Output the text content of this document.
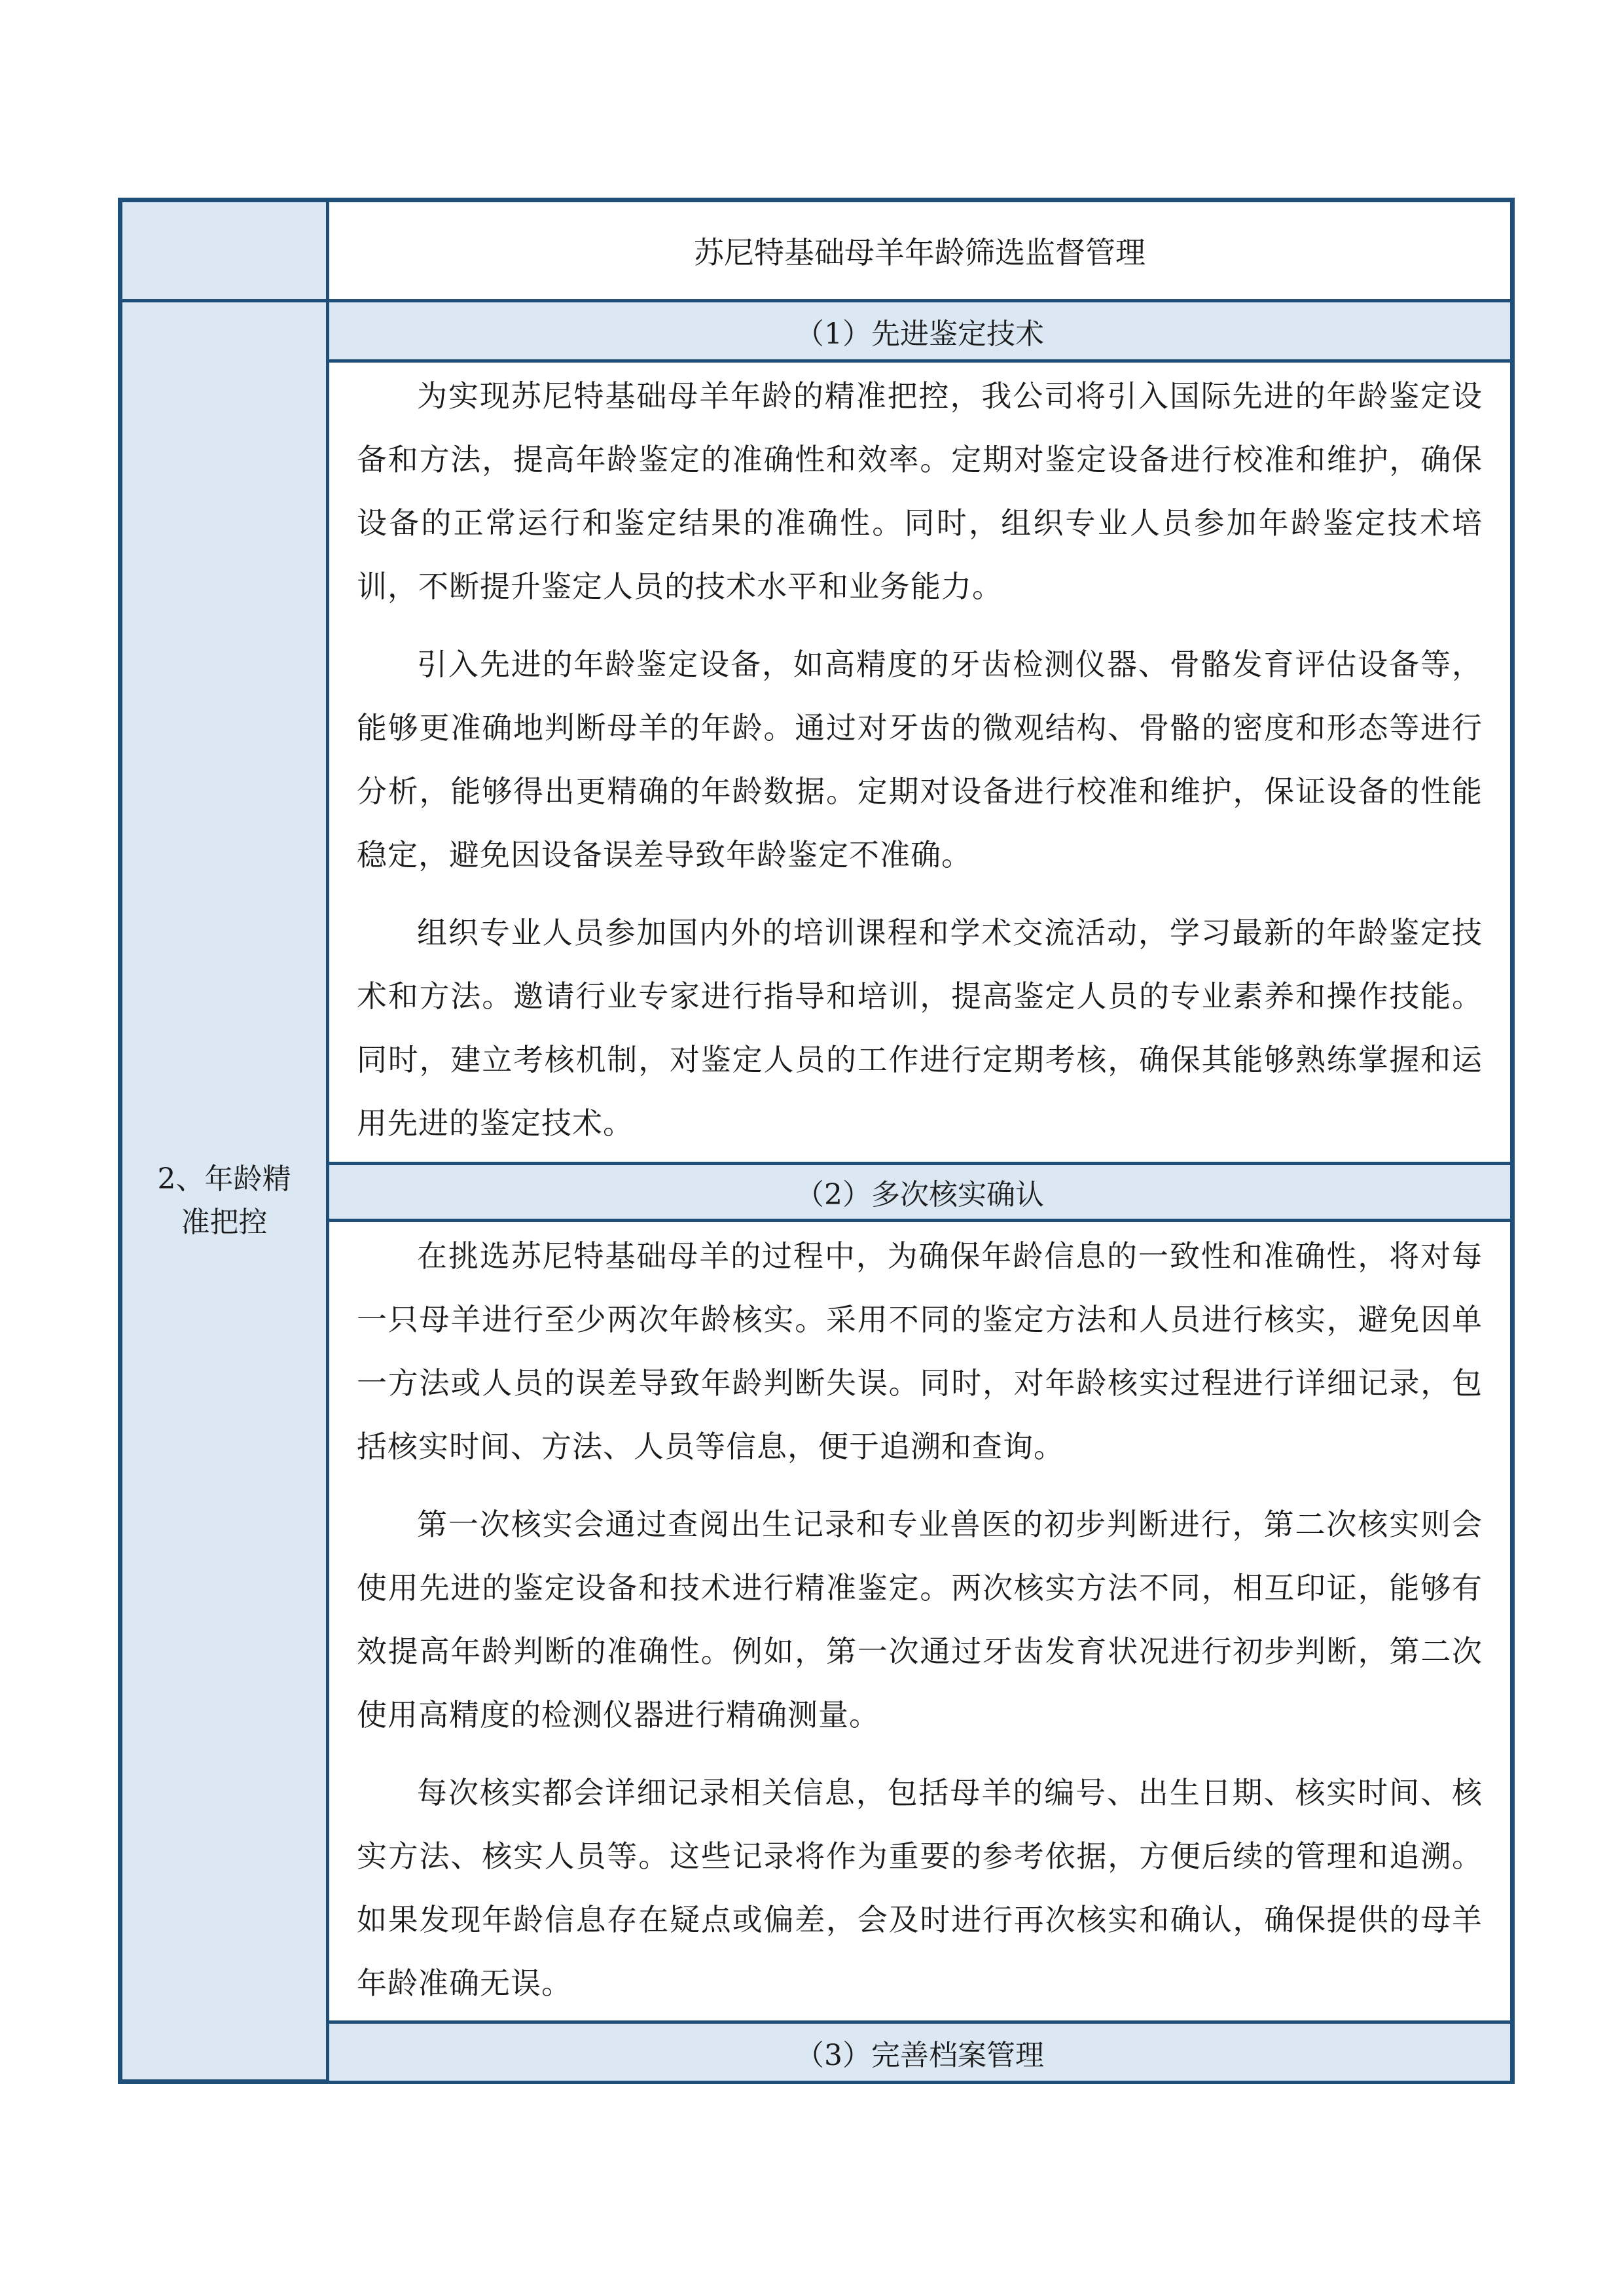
2、年龄精
准把控
苏尼特基础母羊年龄筛选监督管理
（1）先进鉴定技术

为实现苏尼特基础母羊年龄的精准把控，我公司将引入国际先进的年龄鉴定设备和方法，提高年龄鉴定的准确性和效率。定期对鉴定设备进行校准和维护，确保设备的正常运行和鉴定结果的准确性。同时，组织专业人员参加年龄鉴定技术培训，不断提升鉴定人员的技术水平和业务能力。

引入先进的年龄鉴定设备，如高精度的牙齿检测仪器、骨骼发育评估设备等，能够更准确地判断母羊的年龄。通过对牙齿的微观结构、骨骼的密度和形态等进行分析，能够得出更精确的年龄数据。定期对设备进行校准和维护，保证设备的性能稳定，避免因设备误差导致年龄鉴定不准确。

组织专业人员参加国内外的培训课程和学术交流活动，学习最新的年龄鉴定技术和方法。邀请行业专家进行指导和培训，提高鉴定人员的专业素养和操作技能。同时，建立考核机制，对鉴定人员的工作进行定期考核，确保其能够熟练掌握和运用先进的鉴定技术。

（2）多次核实确认

在挑选苏尼特基础母羊的过程中，为确保年龄信息的一致性和准确性，将对每一只母羊进行至少两次年龄核实。采用不同的鉴定方法和人员进行核实，避免因单一方法或人员的误差导致年龄判断失误。同时，对年龄核实过程进行详细记录，包括核实时间、方法、人员等信息，便于追溯和查询。

第一次核实会通过查阅出生记录和专业兽医的初步判断进行，第二次核实则会使用先进的鉴定设备和技术进行精准鉴定。两次核实方法不同，相互印证，能够有效提高年龄判断的准确性。例如，第一次通过牙齿发育状况进行初步判断，第二次使用高精度的检测仪器进行精确测量。

每次核实都会详细记录相关信息，包括母羊的编号、出生日期、核实时间、核实方法、核实人员等。这些记录将作为重要的参考依据，方便后续的管理和追溯。如果发现年龄信息存在疑点或偏差，会及时进行再次核实和确认，确保提供的母羊年龄准确无误。

（3）完善档案管理
